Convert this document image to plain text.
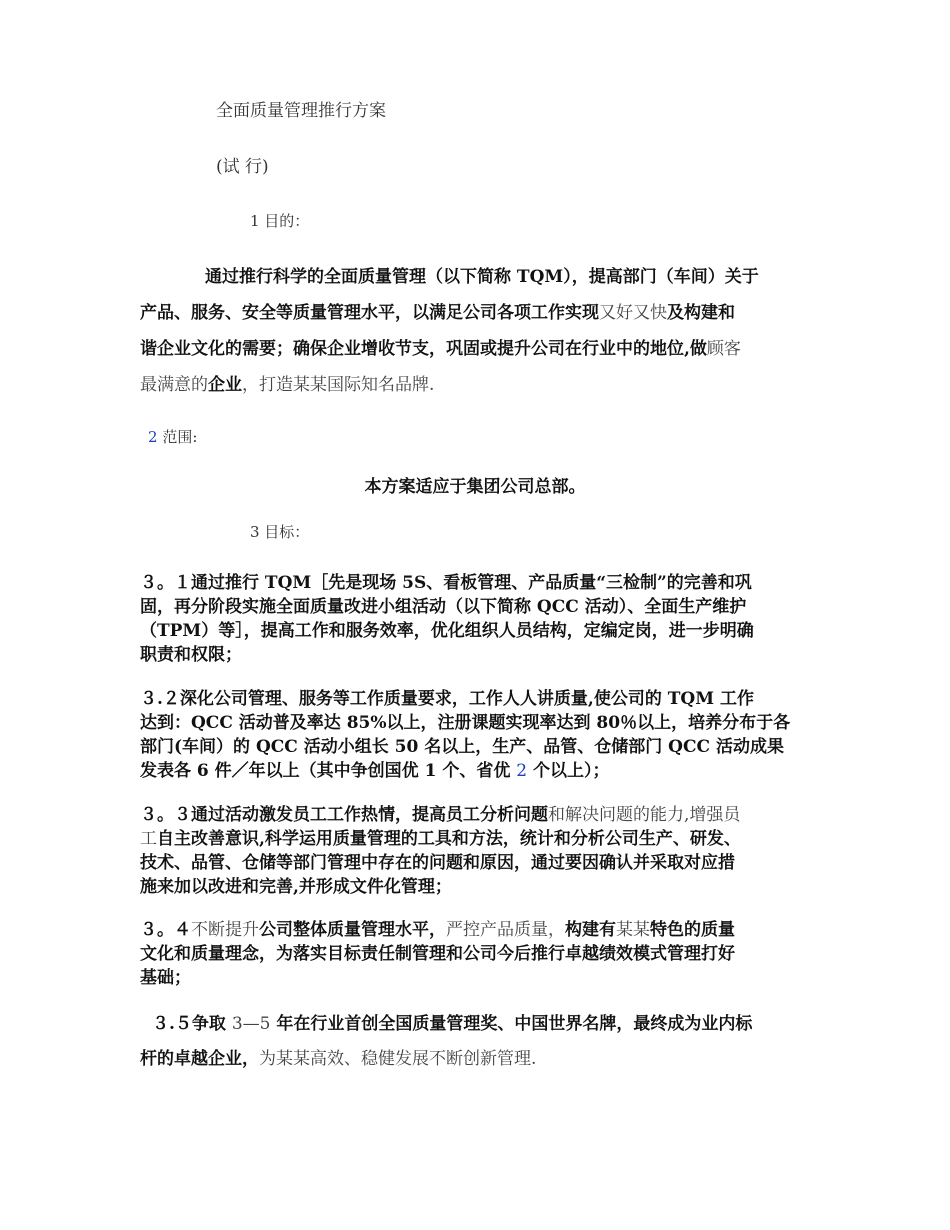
全面质量管理推行方案
(试 行)
1 目的：
通过推行科学的全面质量管理（以下简称 TQM），提高部门（车间）关于
产品、服务、安全等质量管理水平，以满足公司各项工作实现又好又快及构建和
谐企业文化的需要；确保企业增收节支，巩固或提升公司在行业中的地位,做顾客
最满意的企业，打造某某国际知名品牌.
2 范围:
本方案适应于集团公司总部。
3 目标：
３。１通过推行 TQM［先是现场 5S、看板管理、产品质量“三检制”的完善和巩
固，再分阶段实施全面质量改进小组活动（以下简称 QCC 活动）、全面生产维护
（TPM）等］，提高工作和服务效率，优化组织人员结构，定编定岗，进一步明确
职责和权限；
３.２深化公司管理、服务等工作质量要求，工作人人讲质量,使公司的 TQM 工作
达到：QCC 活动普及率达 85%以上，注册课题实现率达到 80％以上，培养分布于各
部门(车间）的 QCC 活动小组长 50 名以上，生产、品管、仓储部门 QCC 活动成果
发表各 6 件／年以上（其中争创国优 1 个、省优 2 个以上）；
３。３通过活动激发员工工作热情，提高员工分析问题和解决问题的能力,增强员
工自主改善意识,科学运用质量管理的工具和方法，统计和分析公司生产、研发、
技术、品管、仓储等部门管理中存在的问题和原因，通过要因确认并采取对应措
施来加以改进和完善,并形成文件化管理；
３。４不断提升公司整体质量管理水平，严控产品质量，构建有某某特色的质量
文化和质量理念，为落实目标责任制管理和公司今后推行卓越绩效模式管理打好
基础；
３.５争取 3—5 年在行业首创全国质量管理奖、中国世界名牌，最终成为业内标
杆的卓越企业，为某某高效、稳健发展不断创新管理.
